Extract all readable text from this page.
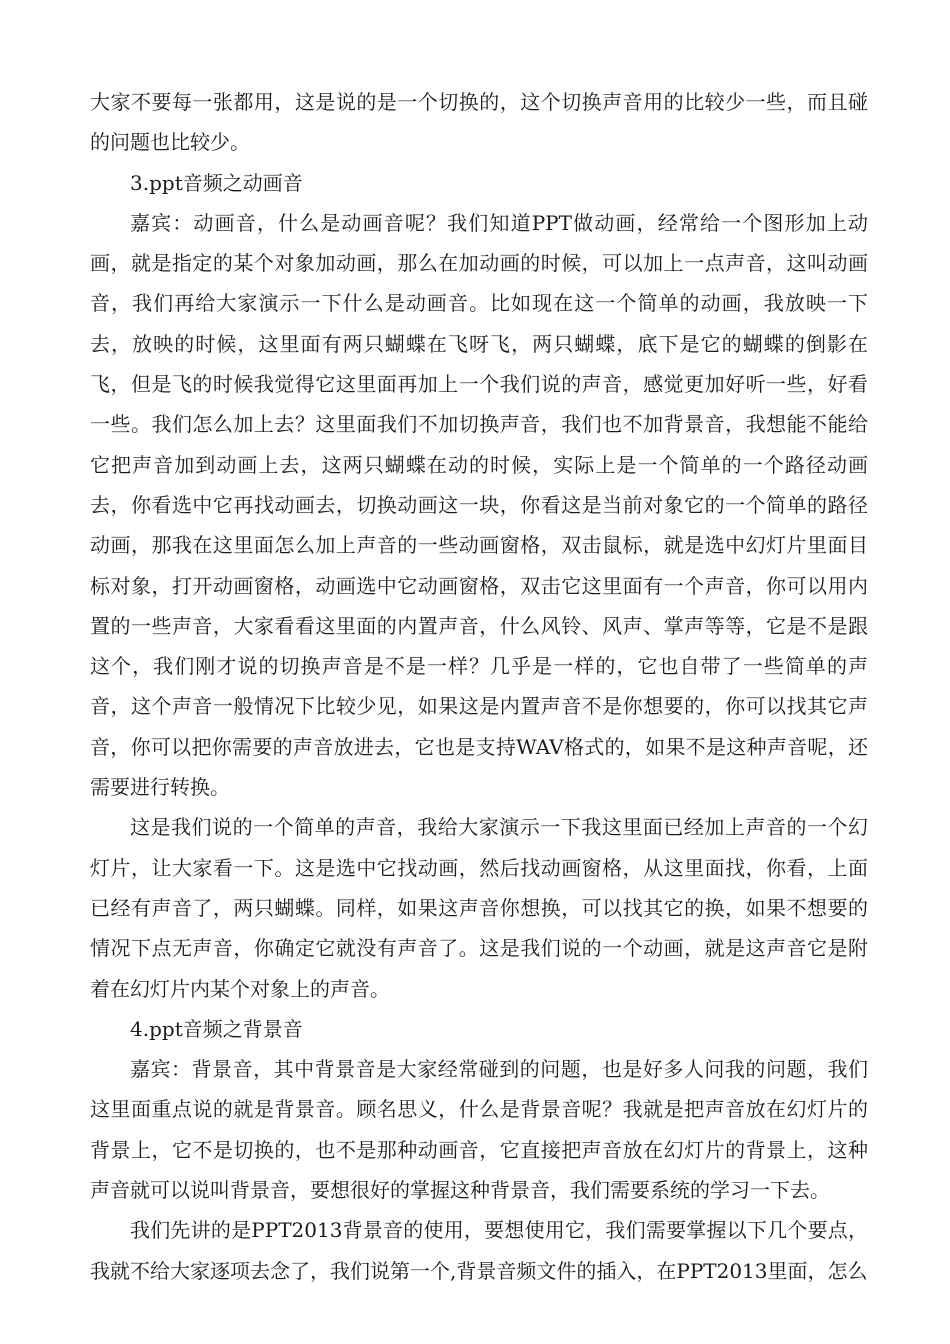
大家不要每一张都用，这是说的是一个切换的，这个切换声音用的比较少一些，而且碰的问题也比较少。

3.ppt音频之动画音

嘉宾：动画音，什么是动画音呢？我们知道PPT做动画，经常给一个图形加上动画，就是指定的某个对象加动画，那么在加动画的时候，可以加上一点声音，这叫动画音，我们再给大家演示一下什么是动画音。比如现在这一个简单的动画，我放映一下去，放映的时候，这里面有两只蝴蝶在飞呀飞，两只蝴蝶，底下是它的蝴蝶的倒影在飞，但是飞的时候我觉得它这里面再加上一个我们说的声音，感觉更加好听一些，好看一些。我们怎么加上去？这里面我们不加切换声音，我们也不加背景音，我想能不能给它把声音加到动画上去，这两只蝴蝶在动的时候，实际上是一个简单的一个路径动画去，你看选中它再找动画去，切换动画这一块，你看这是当前对象它的一个简单的路径动画，那我在这里面怎么加上声音的一些动画窗格，双击鼠标，就是选中幻灯片里面目标对象，打开动画窗格，动画选中它动画窗格，双击它这里面有一个声音，你可以用内置的一些声音，大家看看这里面的内置声音，什么风铃、风声、掌声等等，它是不是跟这个，我们刚才说的切换声音是不是一样？几乎是一样的，它也自带了一些简单的声音，这个声音一般情况下比较少见，如果这是内置声音不是你想要的，你可以找其它声音，你可以把你需要的声音放进去，它也是支持WAV格式的，如果不是这种声音呢，还需要进行转换。

这是我们说的一个简单的声音，我给大家演示一下我这里面已经加上声音的一个幻灯片，让大家看一下。这是选中它找动画，然后找动画窗格，从这里面找，你看，上面已经有声音了，两只蝴蝶。同样，如果这声音你想换，可以找其它的换，如果不想要的情况下点无声音，你确定它就没有声音了。这是我们说的一个动画，就是这声音它是附着在幻灯片内某个对象上的声音。

4.ppt音频之背景音

嘉宾：背景音，其中背景音是大家经常碰到的问题，也是好多人问我的问题，我们这里面重点说的就是背景音。顾名思义，什么是背景音呢？我就是把声音放在幻灯片的背景上，它不是切换的，也不是那种动画音，它直接把声音放在幻灯片的背景上，这种声音就可以说叫背景音，要想很好的掌握这种背景音，我们需要系统的学习一下去。

我们先讲的是PPT2013背景音的使用，要想使用它，我们需要掌握以下几个要点，我就不给大家逐项去念了，我们说第一个,背景音频文件的插入，在PPT2013里面，怎么
